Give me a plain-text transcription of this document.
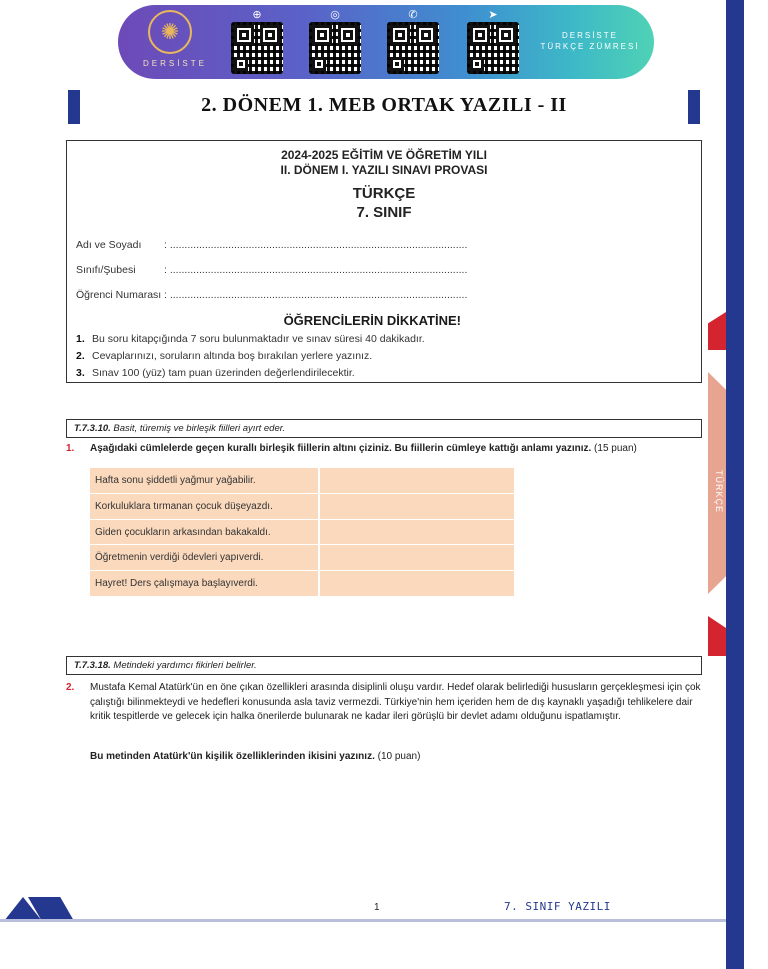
TÜRKÇE
✺
DERSİSTE
⊕	◎	✆	➤
DERSİSTE
TÜRKÇE ZÜMRESİ
2. DÖNEM 1. MEB ORTAK YAZILI - II
2024-2025 EĞİTİM VE ÖĞRETİM YILI
II. DÖNEM I. YAZILI SINAVI PROVASI
TÜRKÇE
7. SINIF
Adı ve Soyadı : ......................................................................................................
Sınıfı/Şubesi	: ......................................................................................................
Öğrenci Numarası : ......................................................................................................
ÖĞRENCİLERİN DİKKATİNE!
1. Bu soru kitapçığında 7 soru bulunmaktadır ve sınav süresi 40 dakikadır.
2. Cevaplarınızı, soruların altında boş bırakılan yerlere yazınız.
3. Sınav 100 (yüz) tam puan üzerinden değerlendirilecektir.
T.7.3.10. Basit, türemiş ve birleşik fiilleri ayırt eder.
1. Aşağıdaki cümlelerde geçen kurallı birleşik fiillerin altını çiziniz. Bu fiillerin cümleye kattığı anlamı yazınız. (15 puan)
Hafta sonu şiddetli yağmur yağabilir.
Korkuluklara tırmanan çocuk düşeyazdı.
Giden çocukların arkasından bakakaldı.
Öğretmenin verdiği ödevleri yapıverdi.
Hayret! Ders çalışmaya başlayıverdi.
T.7.3.18. Metindeki yardımcı fikirleri belirler.
2. Mustafa Kemal Atatürk'ün en öne çıkan özellikleri arasında disiplinli oluşu vardır. Hedef olarak belirlediği hususların gerçekleşmesi için çok çalıştığı bilinmekteydi ve hedefleri konusunda asla taviz vermezdi. Türkiye'nin hem içeriden hem de dış kaynaklı yaşadığı tehlikelere dair kritik tespitlerde ve gelecek için halka önerilerde bulunarak ne kadar ileri görüşlü bir devlet adamı olduğunu ispatlamıştır.
Bu metinden Atatürk'ün kişilik özelliklerinden ikisini yazınız. (10 puan)
1	7. SINIF YAZILI
